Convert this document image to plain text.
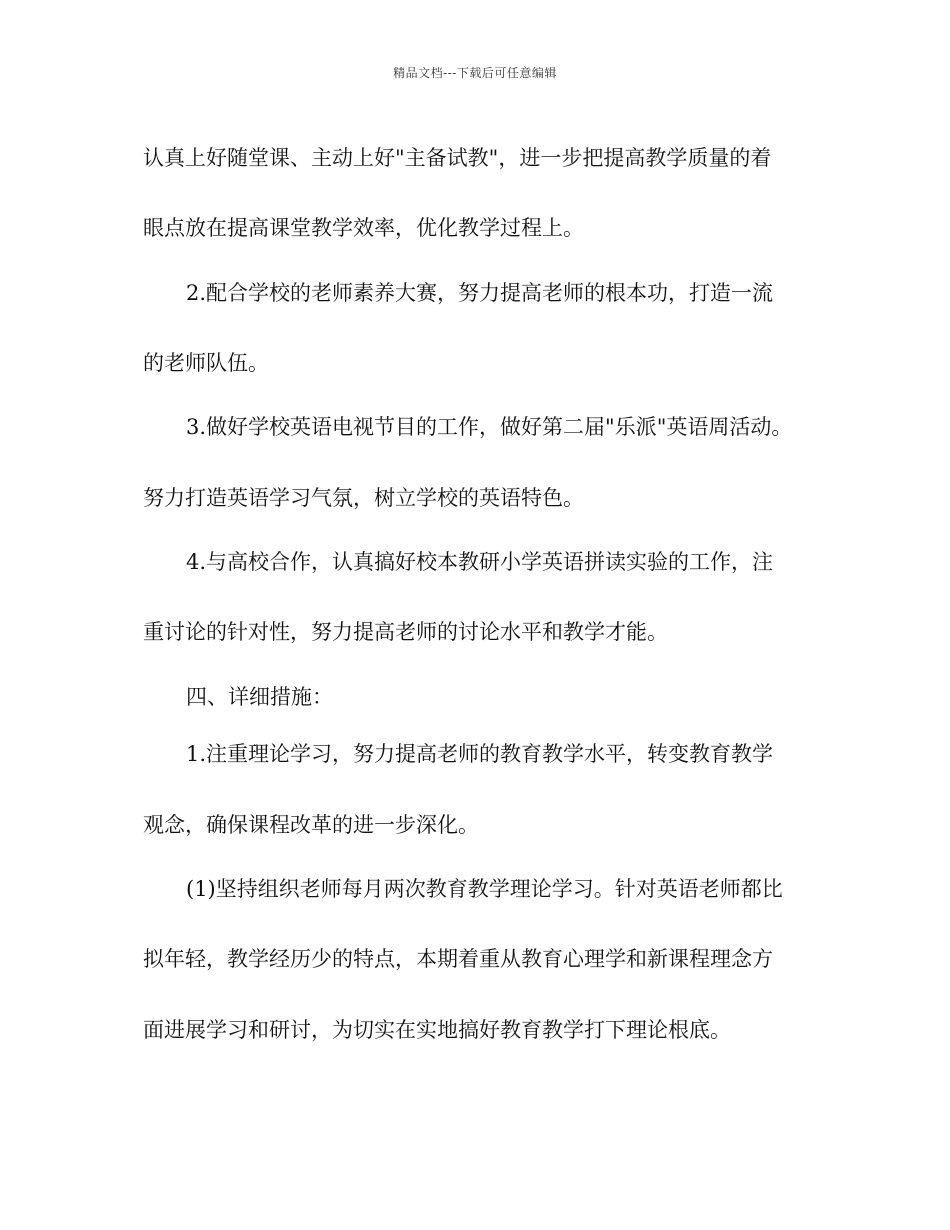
精品文档---下载后可任意编辑
认真上好随堂课、主动上好"主备试教"，进一步把提高教学质量的着
眼点放在提高课堂教学效率，优化教学过程上。
2.配合学校的老师素养大赛，努力提高老师的根本功，打造一流
的老师队伍。
3.做好学校英语电视节目的工作，做好第二届"乐派"英语周活动。
努力打造英语学习气氛，树立学校的英语特色。
4.与高校合作，认真搞好校本教研小学英语拼读实验的工作，注
重讨论的针对性，努力提高老师的讨论水平和教学才能。
四、详细措施：
1.注重理论学习，努力提高老师的教育教学水平，转变教育教学
观念，确保课程改革的进一步深化。
(1)坚持组织老师每月两次教育教学理论学习。针对英语老师都比
拟年轻，教学经历少的特点，本期着重从教育心理学和新课程理念方
面进展学习和研讨，为切实在实地搞好教育教学打下理论根底。
